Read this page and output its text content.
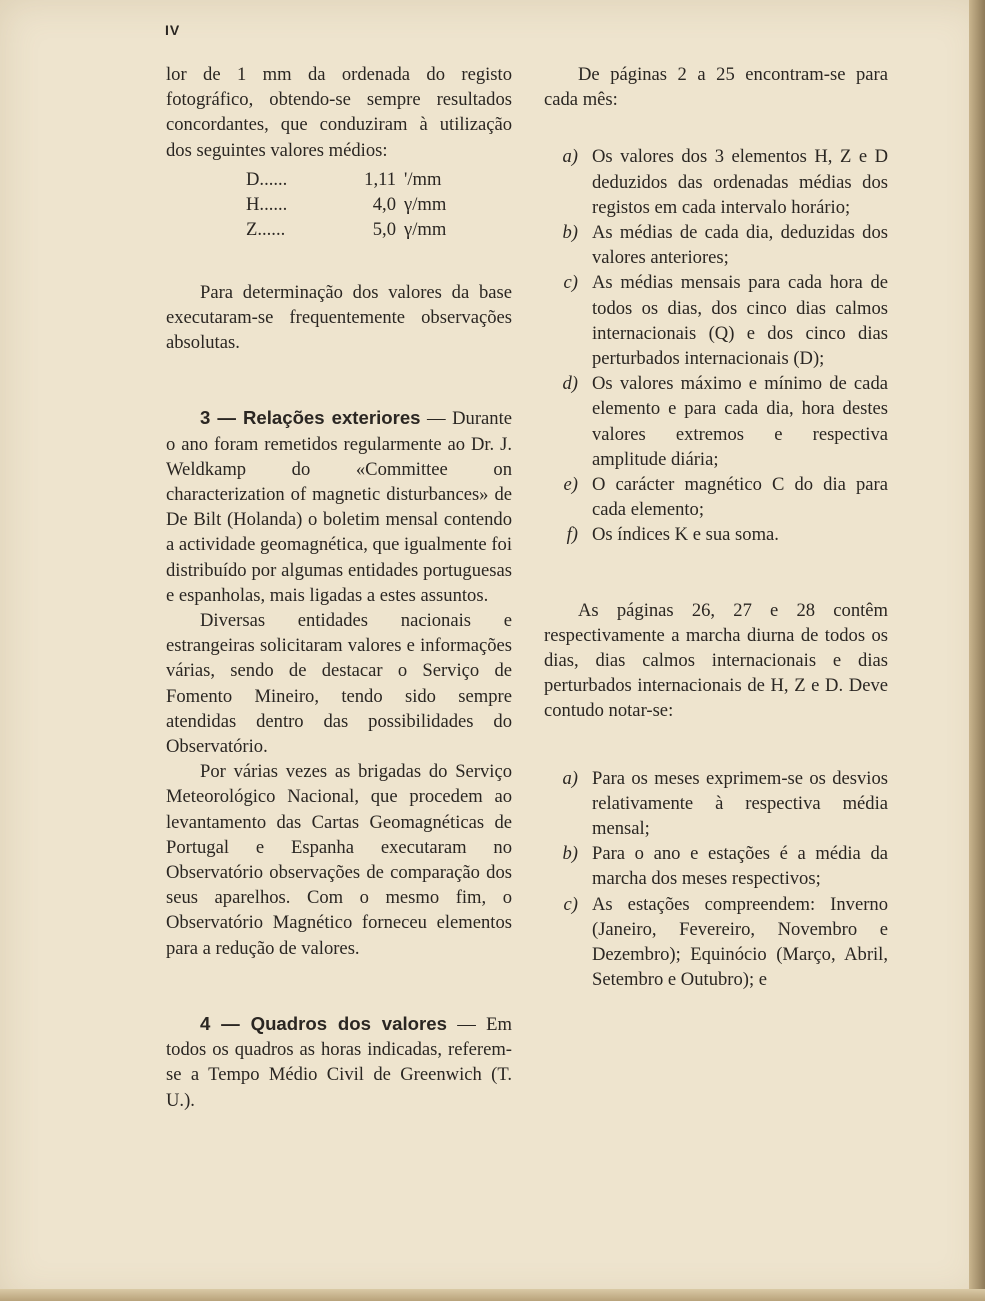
IV

lor de 1 mm da ordenada do registo fotográfico, obtendo-se sempre resultados concordantes, que conduziram à utilização dos seguintes valores médios:

D......	1,11 '/mm
H......	4,0 γ/mm
Z......	5,0 γ/mm

Para determinação dos valores da base executaram-se frequentemente observações absolutas.

3 — Relações exteriores — Durante o ano foram remetidos regularmente ao Dr. J. Weldkamp do «Committee on characterization of magnetic disturbances» de De Bilt (Holanda) o boletim mensal contendo a actividade geomagnética, que igualmente foi distribuído por algumas entidades portuguesas e espanholas, mais ligadas a estes assuntos.

Diversas entidades nacionais e estrangeiras solicitaram valores e informações várias, sendo de destacar o Serviço de Fomento Mineiro, tendo sido sempre atendidas dentro das possibilidades do Observatório.

Por várias vezes as brigadas do Serviço Meteorológico Nacional, que procedem ao levantamento das Cartas Geomagnéticas de Portugal e Espanha executaram no Observatório observações de comparação dos seus aparelhos. Com o mesmo fim, o Observatório Magnético forneceu elementos para a redução de valores.

4 — Quadros dos valores — Em todos os quadros as horas indicadas, referem-se a Tempo Médio Civil de Greenwich (T. U.).

De páginas 2 a 25 encontram-se para cada mês:

a) Os valores dos 3 elementos H, Z e D deduzidos das ordenadas médias dos registos em cada intervalo horário;
b) As médias de cada dia, deduzidas dos valores anteriores;
c) As médias mensais para cada hora de todos os dias, dos cinco dias calmos internacionais (Q) e dos cinco dias perturbados internacionais (D);
d) Os valores máximo e mínimo de cada elemento e para cada dia, hora destes valores extremos e respectiva amplitude diária;
e) O carácter magnético C do dia para cada elemento;
f) Os índices K e sua soma.

As páginas 26, 27 e 28 contêm respectivamente a marcha diurna de todos os dias, dias calmos internacionais e dias perturbados internacionais de H, Z e D. Deve contudo notar-se:

a) Para os meses exprimem-se os desvios relativamente à respectiva média mensal;
b) Para o ano e estações é a média da marcha dos meses respectivos;
c) As estações compreendem: Inverno (Janeiro, Fevereiro, Novembro e Dezembro); Equinócio (Março, Abril, Setembro e Outubro); e
